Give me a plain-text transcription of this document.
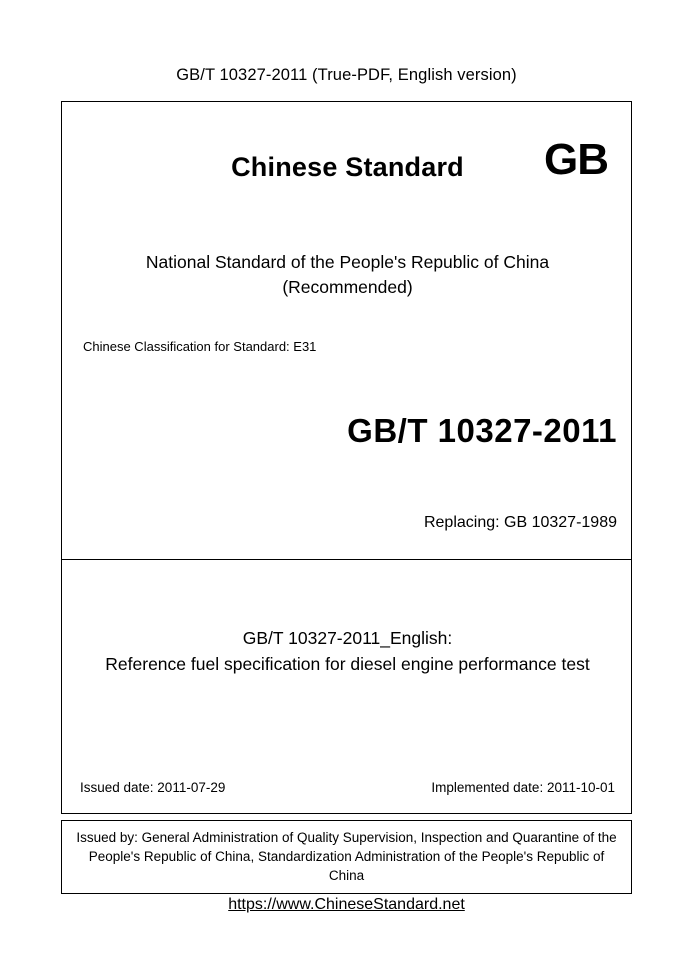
GB/T 10327-2011 (True-PDF, English version)
Chinese Standard	GB
National Standard of the People's Republic of China
(Recommended)
Chinese Classification for Standard: E31
GB/T 10327-2011
Replacing: GB 10327-1989
GB/T 10327-2011_English:
Reference fuel specification for diesel engine performance test
Issued date: 2011-07-29	Implemented date: 2011-10-01
Issued by: General Administration of Quality Supervision, Inspection and Quarantine of the People's Republic of China, Standardization Administration of the People's Republic of China
https://www.ChineseStandard.net
